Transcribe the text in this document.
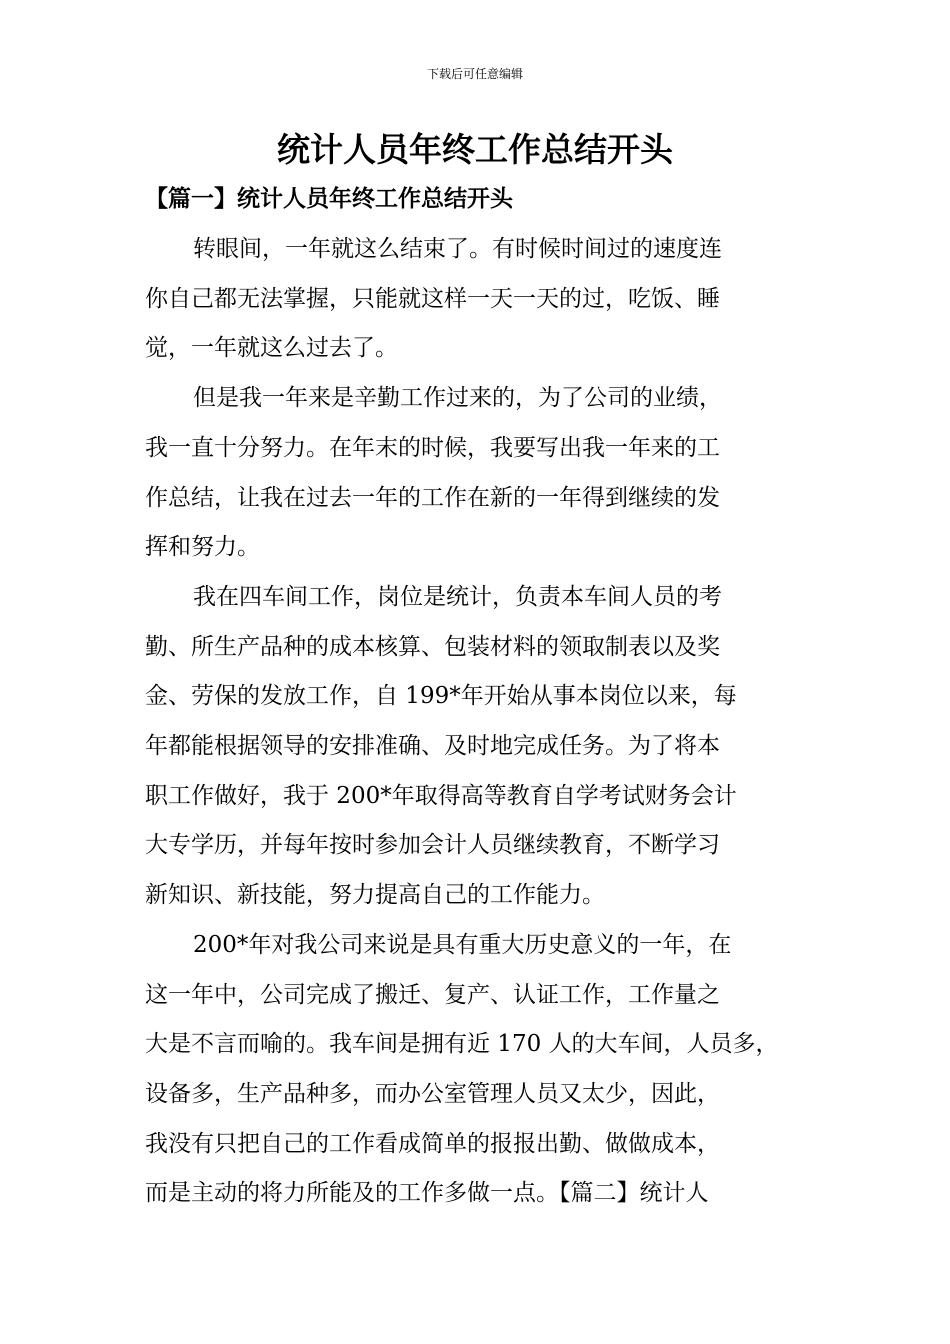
下载后可任意编辑
统计人员年终工作总结开头
【篇一】统计人员年终工作总结开头
转眼间，一年就这么结束了。有时候时间过的速度连
你自己都无法掌握，只能就这样一天一天的过，吃饭、睡
觉，一年就这么过去了。
但是我一年来是辛勤工作过来的，为了公司的业绩，
我一直十分努力。在年末的时候，我要写出我一年来的工
作总结，让我在过去一年的工作在新的一年得到继续的发
挥和努力。
我在四车间工作，岗位是统计，负责本车间人员的考
勤、所生产品种的成本核算、包装材料的领取制表以及奖
金、劳保的发放工作，自 199*年开始从事本岗位以来，每
年都能根据领导的安排准确、及时地完成任务。为了将本
职工作做好，我于 200*年取得高等教育自学考试财务会计
大专学历，并每年按时参加会计人员继续教育，不断学习
新知识、新技能，努力提高自己的工作能力。
200*年对我公司来说是具有重大历史意义的一年，在
这一年中，公司完成了搬迁、复产、认证工作，工作量之
大是不言而喻的。我车间是拥有近 170 人的大车间，人员多，
设备多，生产品种多，而办公室管理人员又太少，因此，
我没有只把自己的工作看成简单的报报出勤、做做成本，
而是主动的将力所能及的工作多做一点。【篇二】统计人
